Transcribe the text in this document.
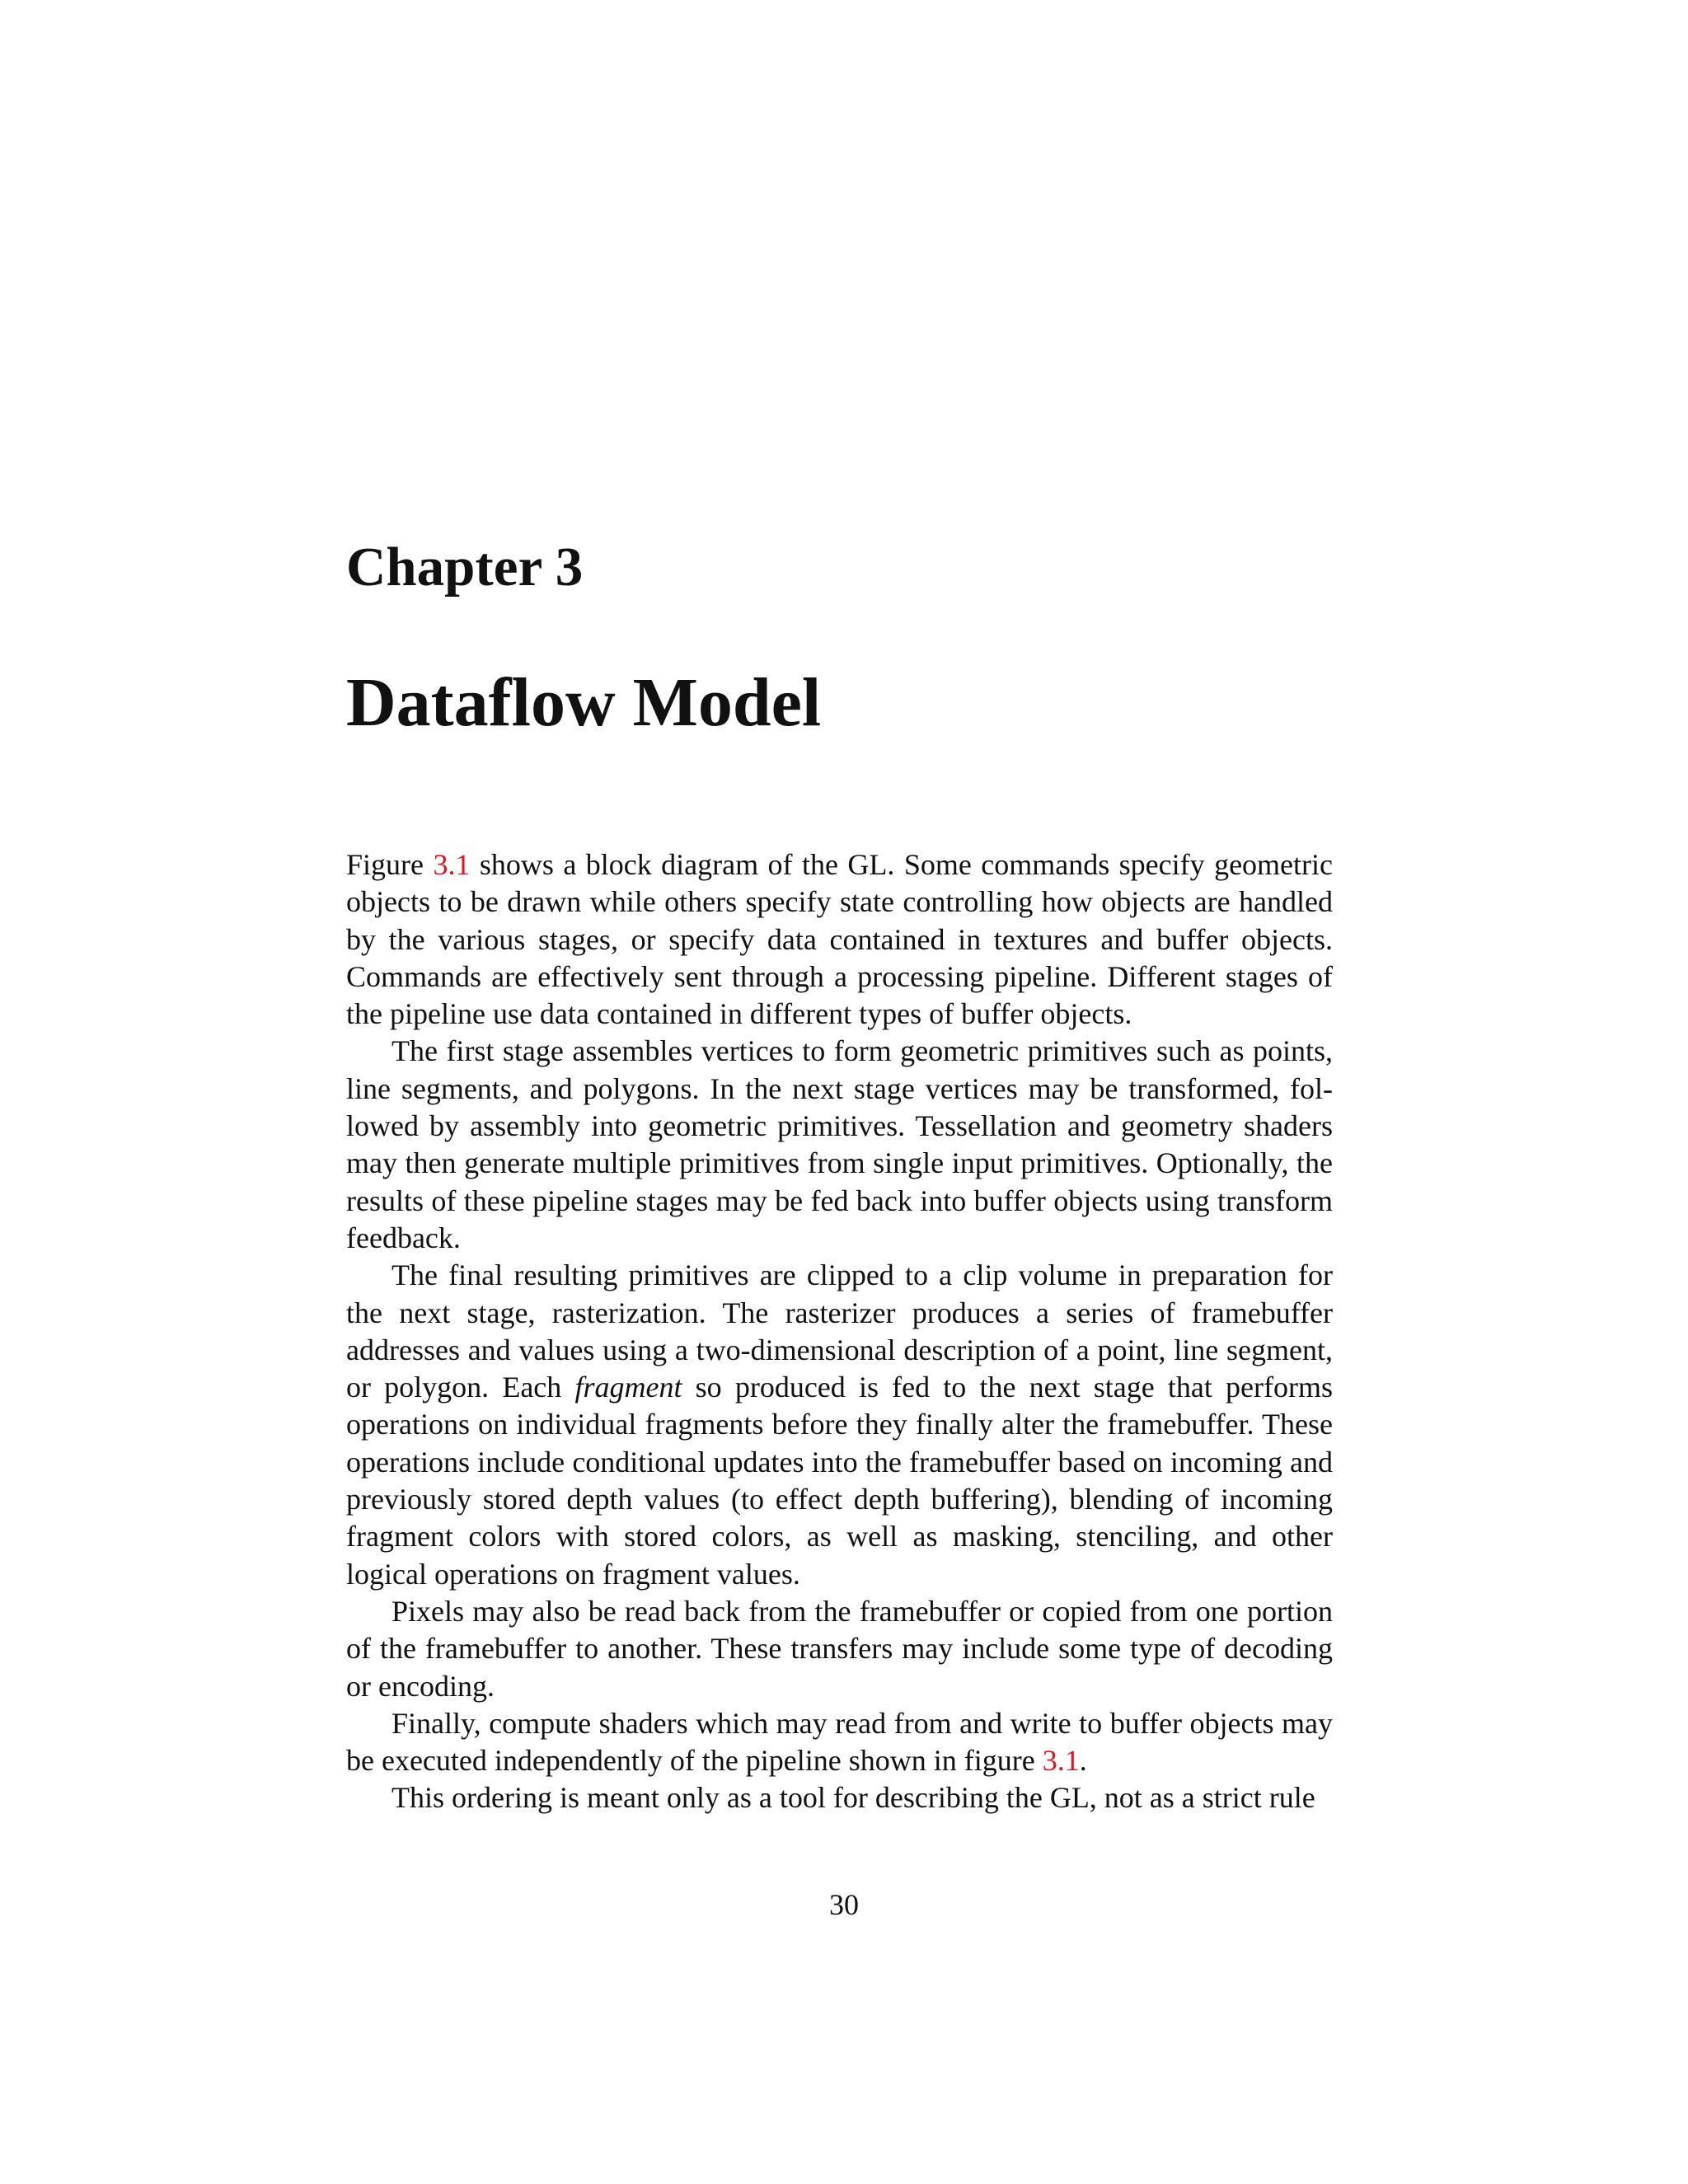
Chapter 3
Dataflow Model

Figure 3.1 shows a block diagram of the GL. Some commands specify geometric objects to be drawn while others specify state controlling how objects are handled by the various stages, or specify data contained in textures and buffer objects. Commands are effectively sent through a processing pipeline. Different stages of the pipeline use data contained in different types of buffer objects.

The first stage assembles vertices to form geometric primitives such as points, line segments, and polygons. In the next stage vertices may be transformed, followed by assembly into geometric primitives. Tessellation and geometry shaders may then generate multiple primitives from single input primitives. Optionally, the results of these pipeline stages may be fed back into buffer objects using transform feedback.

The final resulting primitives are clipped to a clip volume in preparation for the next stage, rasterization. The rasterizer produces a series of framebuffer addresses and values using a two-dimensional description of a point, line segment, or polygon. Each fragment so produced is fed to the next stage that performs operations on individual fragments before they finally alter the framebuffer. These operations include conditional updates into the framebuffer based on incoming and previously stored depth values (to effect depth buffering), blending of incoming fragment colors with stored colors, as well as masking, stenciling, and other logical operations on fragment values.

Pixels may also be read back from the framebuffer or copied from one portion of the framebuffer to another. These transfers may include some type of decoding or encoding.

Finally, compute shaders which may read from and write to buffer objects may be executed independently of the pipeline shown in figure 3.1.

This ordering is meant only as a tool for describing the GL, not as a strict rule

30
